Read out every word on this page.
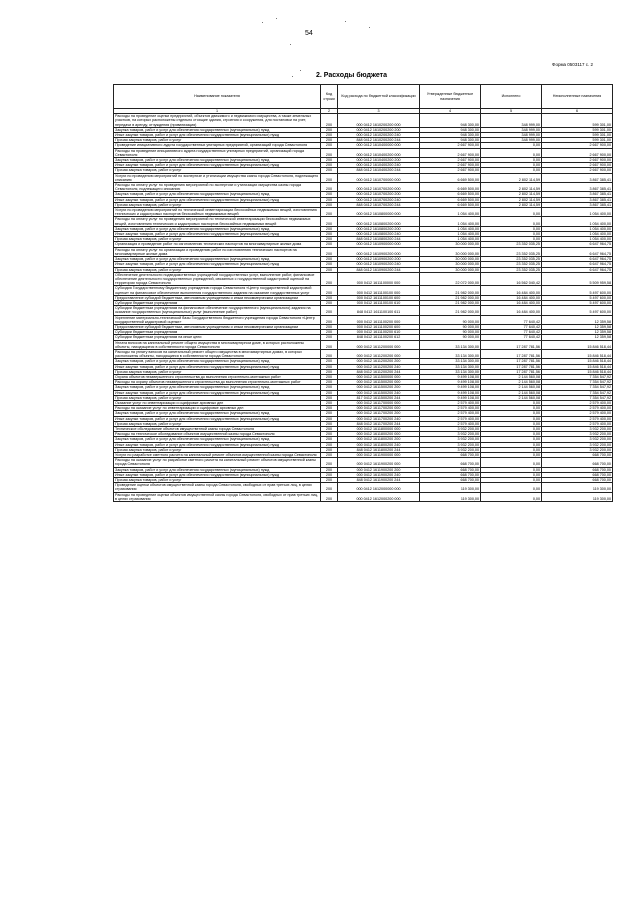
54
Форма 0503117 с. 2
2. Расходы бюджета
Наименование показателя	Код строки	Код расхода по бюджетной классификации	Утвержденные бюджетные назначения	Исполнено	Неисполненные назначения
1	2	3	4	5	6
Расходы на проведение оценки предприятий, объектов движимого и недвижимого имущества, а также земельных участков, на которых расположены отдельно стоящие здания, строения и сооружения, для постановки на учет, передачи в аренду, отчуждения (приватизация)	200	000 0412 1610200200 000	948 300,00	348 999,00	599 301,00
Закупка товаров, работ и услуг для обеспечения государственных (муниципальных) нужд	200	000 0412 1610200200 200	948 300,00	348 999,00	599 301,00
Иные закупки товаров, работ и услуг для обеспечения государственных (муниципальных) нужд	200	000 0412 1610200200 240	948 300,00	348 999,00	599 301,00
Прочая закупка товаров, работ и услуг	200	848 0412 1610200200 244	948 300,00	348 999,00	599 301,00
Проведение инициативного аудита государственных унитарных предприятий, организаций города Севастополя	200	000 0412 1610400000 000	2 667 900,00	0,00	2 667 900,00
Расходы на проведение инициативного аудита государственных унитарных предприятий, организаций города Севастополя	200	000 0412 1610400200 000	2 667 900,00	0,00	2 667 900,00
Закупка товаров, работ и услуг для обеспечения государственных (муниципальных) нужд	200	000 0412 1610400200 200	2 667 900,00	0,00	2 667 900,00
Иные закупки товаров, работ и услуг для обеспечения государственных (муниципальных) нужд	200	000 0412 1610400200 240	2 667 900,00	0,00	2 667 900,00
Прочая закупка товаров, работ и услуг	200	848 0412 1610400200 244	2 667 900,00	0,00	2 667 900,00
Услуги по проведению мероприятий по экспертизе и утилизации имущества казны города Севастополя, подлежащего списанию	200	000 0412 1610700000 000	6 669 500,00	2 802 114,59	3 867 385,41
Расходы на оплату услуг по проведению мероприятий по экспертизе и утилизации имущества казны города Севастополя, подлежащего списанию	200	000 0412 1610700200 000	6 669 500,00	2 802 114,59	3 867 385,41
Закупка товаров, работ и услуг для обеспечения государственных (муниципальных) нужд	200	000 0412 1610700200 200	6 669 500,00	2 802 114,59	3 867 385,41
Иные закупки товаров, работ и услуг для обеспечения государственных (муниципальных) нужд	200	000 0412 1610700200 240	6 669 500,00	2 802 114,59	3 867 385,41
Прочая закупка товаров, работ и услуг	200	848 0412 1610700200 244	6 669 500,00	2 802 114,59	3 867 385,41
Услуги по проведению мероприятий по технической инвентаризации бесхозяйных недвижимых вещей, изготовлению технических и кадастровых паспортов бесхозяйных недвижимых вещей	200	000 0412 1610800000 000	1 054 400,00	0,00	1 054 400,00
Расходы на оплату услуг по проведению мероприятий по технической инвентаризации бесхозяйных недвижимых вещей, изготовлению технических и кадастровых паспортов бесхозяйных недвижимых вещей	200	000 0412 1610800200 000	1 054 400,00	0,00	1 054 400,00
Закупка товаров, работ и услуг для обеспечения государственных (муниципальных) нужд	200	000 0412 1610800200 200	1 054 400,00	0,00	1 054 400,00
Иные закупки товаров, работ и услуг для обеспечения государственных (муниципальных) нужд	200	000 0412 1610800200 240	1 054 400,00	0,00	1 054 400,00
Прочая закупка товаров, работ и услуг	200	848 0412 1610800200 244	1 054 400,00	0,00	1 054 400,00
Организация и проведение работ по изготовлению технических паспортов на многоквартирные жилые дома	200	000 0412 1610900000 000	30 000 000,00	23 352 035,25	6 647 964,75
Расходы на оплату услуг по организации и проведению работ по изготовлению технических паспортов на многоквартирные жилые дома	200	000 0412 1610900200 000	30 000 000,00	23 352 035,25	6 647 964,75
Закупка товаров, работ и услуг для обеспечения государственных (муниципальных) нужд	200	000 0412 1610900200 200	30 000 000,00	23 352 035,25	6 647 964,75
Иные закупки товаров, работ и услуг для обеспечения государственных (муниципальных) нужд	200	000 0412 1610900200 240	30 000 000,00	23 352 035,25	6 647 964,75
Прочая закупка товаров, работ и услуг	200	848 0412 1610900200 244	30 000 000,00	23 352 035,25	6 647 964,75
Обеспечение деятельности подведомственных учреждений государственных услуг, выполнение работ, финансовое обеспечение деятельности государственных учреждений, связанных с государственной кадастровой оценкой на территории города Севастополя	200	000 0412 1611100000 000	22 072 000,00	16 562 040,42	5 509 959,58
Субсидия Государственному бюджетному учреждению города Севастополя «Центр государственной кадастровой оценки» на финансовое обеспечение выполнения государственного задания на оказание государственных услуг	200	000 0412 1611100100 000	21 982 000,00	16 484 400,00	5 497 600,00
Предоставление субсидий бюджетным, автономным учреждениям и иным некоммерческим организациям	200	000 0412 1611100100 600	21 982 000,00	16 484 400,00	5 497 600,00
Субсидии бюджетным учреждениям	200	000 0412 1611100100 610	21 982 000,00	16 484 400,00	5 497 600,00
Субсидии бюджетным учреждениям на финансовое обеспечение государственного (муниципального) задания на оказание государственных (муниципальных) услуг (выполнение работ)	200	848 0412 1611100100 611	21 982 000,00	16 484 400,00	5 497 600,00
Укрепление материально-технической базы Государственного бюджетного учреждения города Севастополя «Центр государственной кадастровой оценки»	200	000 0412 1611100200 000	90 000,00	77 640,42	12 359,58
Предоставление субсидий бюджетным, автономным учреждениям и иным некоммерческим организациям	200	000 0412 1611100200 600	90 000,00	77 640,42	12 359,58
Субсидии бюджетным учреждениям	200	000 0412 1611100200 610	90 000,00	77 640,42	12 359,58
Субсидии бюджетным учреждениям на иные цели	200	848 0412 1611100200 612	90 000,00	77 640,42	12 359,58
Уплата взносов на капитальный ремонт общего имущества в многоквартирном доме, в которых расположены объекты, находящиеся в собственности города Севастополя	200	000 0412 1611200000 000	33 134 300,00	17 287 781,56	15 846 518,44
Расходы на уплату взносов на капитальный ремонт общего имущества в многоквартирных домах, в которых расположены объекты, находящиеся в собственности города Севастополя	200	000 0412 1611200200 000	33 134 300,00	17 287 781,56	15 846 518,44
Закупка товаров, работ и услуг для обеспечения государственных (муниципальных) нужд	200	000 0412 1611200200 200	33 134 300,00	17 287 781,56	15 846 518,44
Иные закупки товаров, работ и услуг для обеспечения государственных (муниципальных) нужд	200	000 0412 1611200200 240	33 134 300,00	17 287 781,56	15 846 518,44
Прочая закупка товаров, работ и услуг	200	848 0412 1611200200 244	33 134 300,00	17 287 781,56	15 846 518,44
Охрана объектов незавершенного строительства до выполнения строительно-монтажных работ	200	000 0412 1611500000 000	9 499 108,00	2 144 560,08	7 354 547,92
Расходы на охрану объектов незавершенного строительства до выполнения строительно-монтажных работ	200	000 0412 1611500200 000	9 499 108,00	2 144 560,08	7 354 547,92
Закупка товаров, работ и услуг для обеспечения государственных (муниципальных) нужд	200	000 0412 1611500200 200	9 499 108,00	2 144 560,08	7 354 547,92
Иные закупки товаров, работ и услуг для обеспечения государственных (муниципальных) нужд	200	000 0412 1611500200 240	9 499 108,00	2 144 560,08	7 354 547,92
Прочая закупка товаров, работ и услуг	200	817 0412 1611500200 244	9 499 108,00	2 144 560,08	7 354 547,92
Оказание услуг по инвентаризации и оцифровке архивных дел	200	000 0412 1611700000 000	2 579 400,00	0,00	2 579 400,00
Расходы на оказание услуг по инвентаризации и оцифровке архивных дел	200	000 0412 1611700200 000	2 579 400,00	0,00	2 579 400,00
Закупка товаров, работ и услуг для обеспечения государственных (муниципальных) нужд	200	000 0412 1611700200 200	2 579 400,00	0,00	2 579 400,00
Иные закупки товаров, работ и услуг для обеспечения государственных (муниципальных) нужд	200	000 0412 1611700200 240	2 579 400,00	0,00	2 579 400,00
Прочая закупка товаров, работ и услуг	200	848 0412 1611700200 244	2 579 400,00	0,00	2 579 400,00
Техническое обследование объектов имущественной казны города Севастополя	200	000 0412 1611800000 000	3 932 200,00	0,00	3 932 200,00
Расходы на техническое обследование объектов имущественной казны города Севастополя	200	000 0412 1611800200 000	3 932 200,00	0,00	3 932 200,00
Закупка товаров, работ и услуг для обеспечения государственных (муниципальных) нужд	200	000 0412 1611800200 200	3 932 200,00	0,00	3 932 200,00
Иные закупки товаров, работ и услуг для обеспечения государственных (муниципальных) нужд	200	000 0412 1611800200 240	3 932 200,00	0,00	3 932 200,00
Прочая закупка товаров, работ и услуг	200	848 0412 1611800200 244	3 932 200,00	0,00	3 932 200,00
Услуги по разработке сметного расчета на капитальный ремонт объектов имущественной казны города Севастополя	200	000 0412 1611900000 000	668 700,00	0,00	668 700,00
Расходы на оказание услуг по разработке сметного расчета на капитальный ремонт объектов имущественной казны города Севастополя	200	000 0412 1611900200 000	668 700,00	0,00	668 700,00
Закупка товаров, работ и услуг для обеспечения государственных (муниципальных) нужд	200	000 0412 1611900200 200	668 700,00	0,00	668 700,00
Иные закупки товаров, работ и услуг для обеспечения государственных (муниципальных) нужд	200	000 0412 1611900200 240	668 700,00	0,00	668 700,00
Прочая закупка товаров, работ и услуг	200	848 0412 1611900200 244	668 700,00	0,00	668 700,00
Проведение оценки объектов имущественной казны города Севастополя, свободных от прав третьих лиц, в целях страхования	200	000 0412 1612000000 000	119 300,00	0,00	119 300,00
Расходы на проведение оценки объектов имущественной казны города Севастополя, свободных от прав третьих лиц, в целях страхования	200	000 0412 1612000200 000	119 300,00	0,00	119 300,00
